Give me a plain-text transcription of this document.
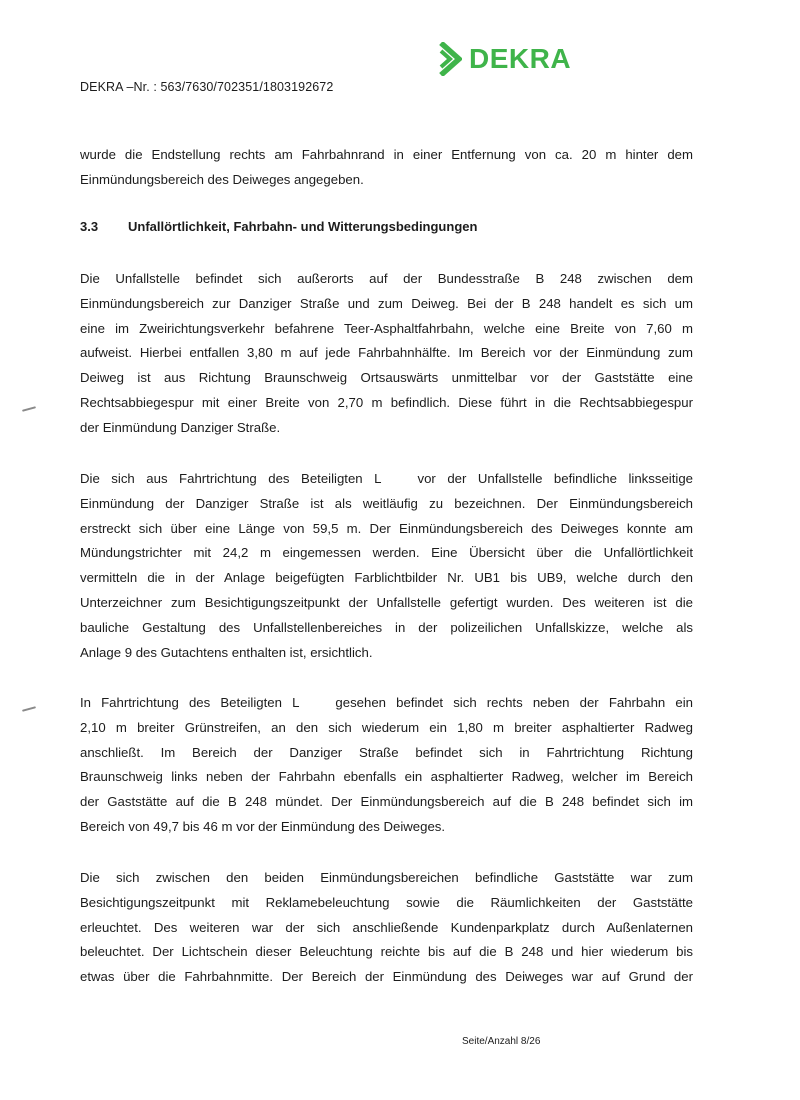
DEKRA
DEKRA –Nr. : 563/7630/702351/1803192672

wurde die Endstellung rechts am Fahrbahnrand in einer Entfernung von ca. 20 m hinter dem
Einmündungsbereich des Deiweges angegeben.

3.3 Unfallörtlichkeit, Fahrbahn- und Witterungsbedingungen

Die Unfallstelle befindet sich außerorts auf der Bundesstraße B 248 zwischen dem
Einmündungsbereich zur Danziger Straße und zum Deiweg. Bei der B 248 handelt es sich um
eine im Zweirichtungsverkehr befahrene Teer-Asphaltfahrbahn, welche eine Breite von 7,60 m
aufweist. Hierbei entfallen 3,80 m auf jede Fahrbahnhälfte. Im Bereich vor der Einmündung zum
Deiweg ist aus Richtung Braunschweig Ortsauswärts unmittelbar vor der Gaststätte eine
Rechtsabbiegespur mit einer Breite von 2,70 m befindlich. Diese führt in die Rechtsabbiegespur
der Einmündung Danziger Straße.

Die sich aus Fahrtrichtung des Beteiligten L	vor der Unfallstelle befindliche linksseitige
Einmündung der Danziger Straße ist als weitläufig zu bezeichnen. Der Einmündungsbereich
erstreckt sich über eine Länge von 59,5 m. Der Einmündungsbereich des Deiweges konnte am
Mündungstrichter mit 24,2 m eingemessen werden. Eine Übersicht über die Unfallörtlichkeit
vermitteln die in der Anlage beigefügten Farblichtbilder Nr. UB1 bis UB9, welche durch den
Unterzeichner zum Besichtigungszeitpunkt der Unfallstelle gefertigt wurden. Des weiteren ist die
bauliche Gestaltung des Unfallstellenbereiches in der polizeilichen Unfallskizze, welche als
Anlage 9 des Gutachtens enthalten ist, ersichtlich.

In Fahrtrichtung des Beteiligten L	gesehen befindet sich rechts neben der Fahrbahn ein
2,10 m breiter Grünstreifen, an den sich wiederum ein 1,80 m breiter asphaltierter Radweg
anschließt. Im Bereich der Danziger Straße befindet sich in Fahrtrichtung Richtung
Braunschweig links neben der Fahrbahn ebenfalls ein asphaltierter Radweg, welcher im Bereich
der Gaststätte auf die B 248 mündet. Der Einmündungsbereich auf die B 248 befindet sich im
Bereich von 49,7 bis 46 m vor der Einmündung des Deiweges.

Die sich zwischen den beiden Einmündungsbereichen befindliche Gaststätte war zum
Besichtigungszeitpunkt mit Reklamebeleuchtung sowie die Räumlichkeiten der Gaststätte
erleuchtet. Des weiteren war der sich anschließende Kundenparkplatz durch Außenlaternen
beleuchtet. Der Lichtschein dieser Beleuchtung reichte bis auf die B 248 und hier wiederum bis
etwas über die Fahrbahnmitte. Der Bereich der Einmündung des Deiweges war auf Grund der

Seite/Anzahl 8/26
